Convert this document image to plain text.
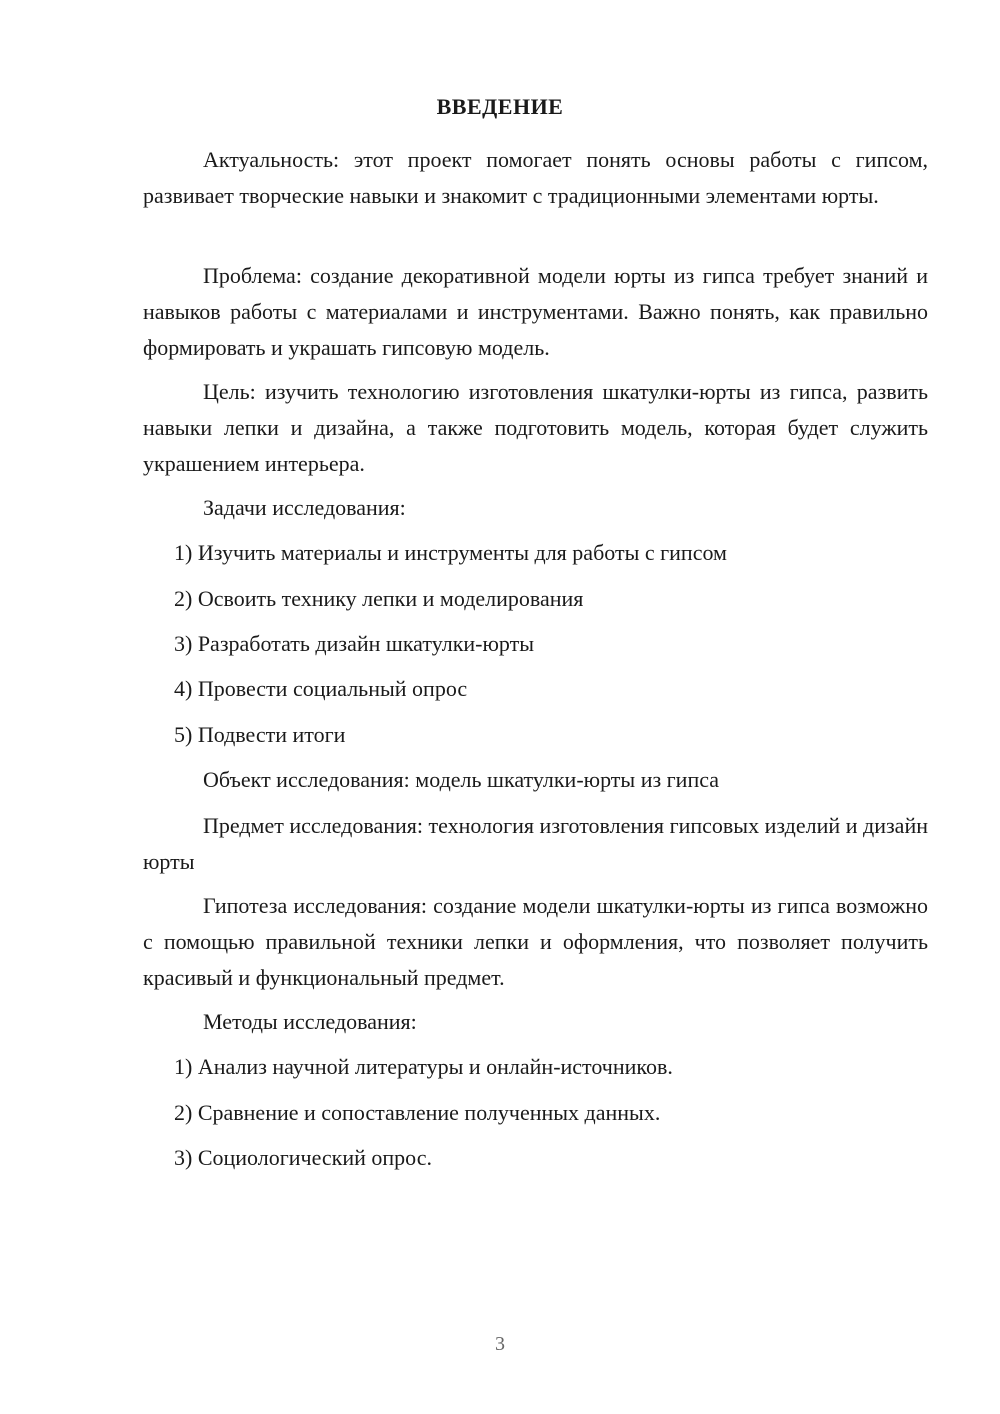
ВВЕДЕНИЕ

Актуальность: этот проект помогает понять основы работы с гипсом, развивает творческие навыки и знакомит с традиционными элементами юрты.

Проблема: создание декоративной модели юрты из гипса требует знаний и навыков работы с материалами и инструментами. Важно понять, как правильно формировать и украшать гипсовую модель.

Цель: изучить технологию изготовления шкатулки-юрты из гипса, развить навыки лепки и дизайна, а также подготовить модель, которая будет служить украшением интерьера.

Задачи исследования:

1) Изучить материалы и инструменты для работы с гипсом

2) Освоить технику лепки и моделирования

3) Разработать дизайн шкатулки-юрты

4) Провести социальный опрос

5) Подвести итоги

Объект исследования: модель шкатулки-юрты из гипса

Предмет исследования: технология изготовления гипсовых изделий и дизайн юрты

Гипотеза исследования: создание модели шкатулки-юрты из гипса возможно с помощью правильной техники лепки и оформления, что позволяет получить красивый и функциональный предмет.

Методы исследования:

1) Анализ научной литературы и онлайн-источников.

2) Сравнение и сопоставление полученных данных.

3) Социологический опрос.

3
